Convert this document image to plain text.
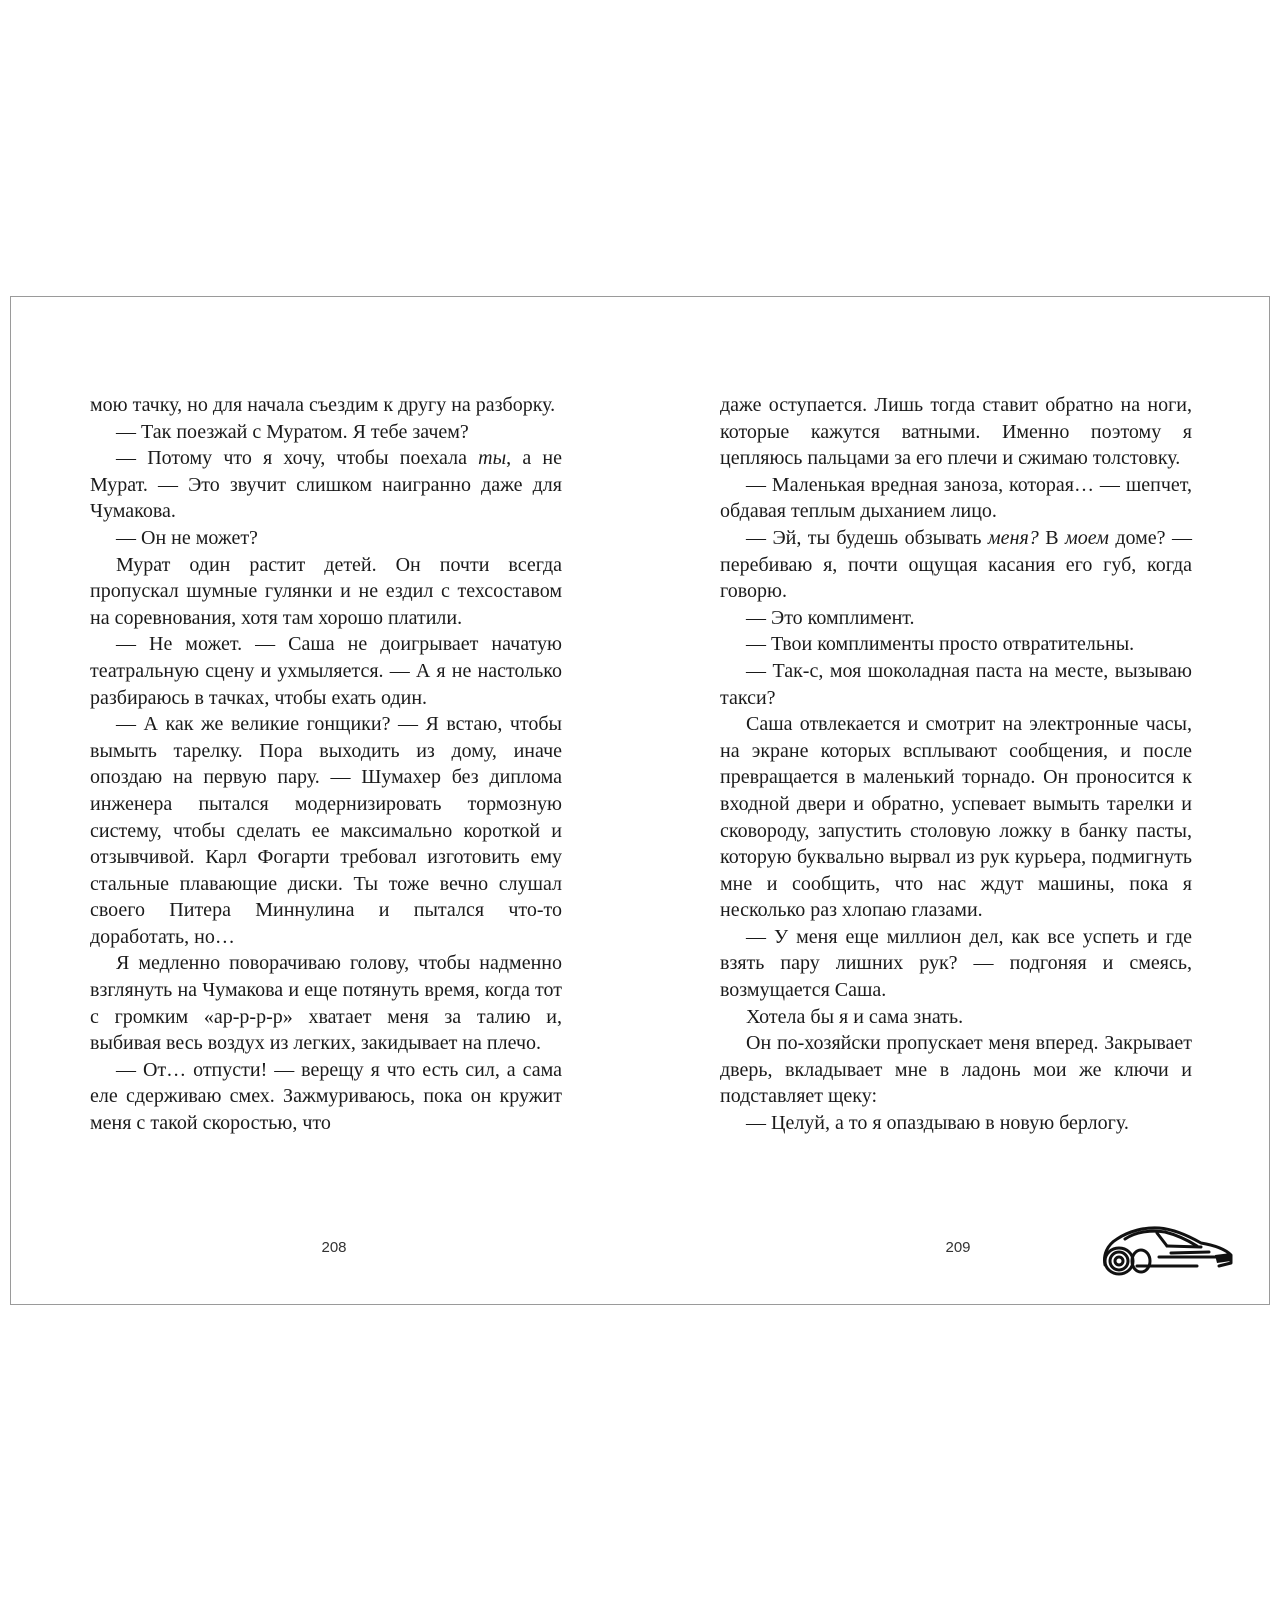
мою тачку, но для начала съездим к другу на разборку.

— Так поезжай с Муратом. Я тебе зачем?

— Потому что я хочу, чтобы поехала ты, а не Мурат. — Это звучит слишком наигранно даже для Чумакова.

— Он не может?

Мурат один растит детей. Он почти всегда пропускал шумные гулянки и не ездил с техсоставом на соревнования, хотя там хорошо платили.

— Не может. — Саша не доигрывает начатую театральную сцену и ухмыляется. — А я не настолько разбираюсь в тачках, чтобы ехать один.

— А как же великие гонщики? — Я встаю, чтобы вымыть тарелку. Пора выходить из дому, иначе опоздаю на первую пару. — Шумахер без диплома инженера пытался модернизировать тормозную систему, чтобы сделать ее максимально короткой и отзывчивой. Карл Фогарти требовал изготовить ему стальные плавающие диски. Ты тоже вечно слушал своего Питера Миннулина и пытался что-то доработать, но…

Я медленно поворачиваю голову, чтобы надменно взглянуть на Чумакова и еще потянуть время, когда тот с громким «ар-р-р-р» хватает меня за талию и, выбивая весь воздух из легких, закидывает на плечо.

— От… отпусти! — верещу я что есть сил, а сама еле сдерживаю смех. Зажмуриваюсь, пока он кружит меня с такой скоростью, что

даже оступается. Лишь тогда ставит обратно на ноги, которые кажутся ватными. Именно поэтому я цепляюсь пальцами за его плечи и сжимаю толстовку.

— Маленькая вредная заноза, которая… — шепчет, обдавая теплым дыханием лицо.

— Эй, ты будешь обзывать меня? В моем доме? — перебиваю я, почти ощущая касания его губ, когда говорю.

— Это комплимент.

— Твои комплименты просто отвратительны.

— Так-с, моя шоколадная паста на месте, вызываю такси?

Саша отвлекается и смотрит на электронные часы, на экране которых всплывают сообщения, и после превращается в маленький торнадо. Он проносится к входной двери и обратно, успевает вымыть тарелки и сковороду, запустить столовую ложку в банку пасты, которую буквально вырвал из рук курьера, подмигнуть мне и сообщить, что нас ждут машины, пока я несколько раз хлопаю глазами.

— У меня еще миллион дел, как все успеть и где взять пару лишних рук? — подгоняя и смеясь, возмущается Саша.

Хотела бы я и сама знать.

Он по-хозяйски пропускает меня вперед. Закрывает дверь, вкладывает мне в ладонь мои же ключи и подставляет щеку:

— Целуй, а то я опаздываю в новую берлогу.

208	209
